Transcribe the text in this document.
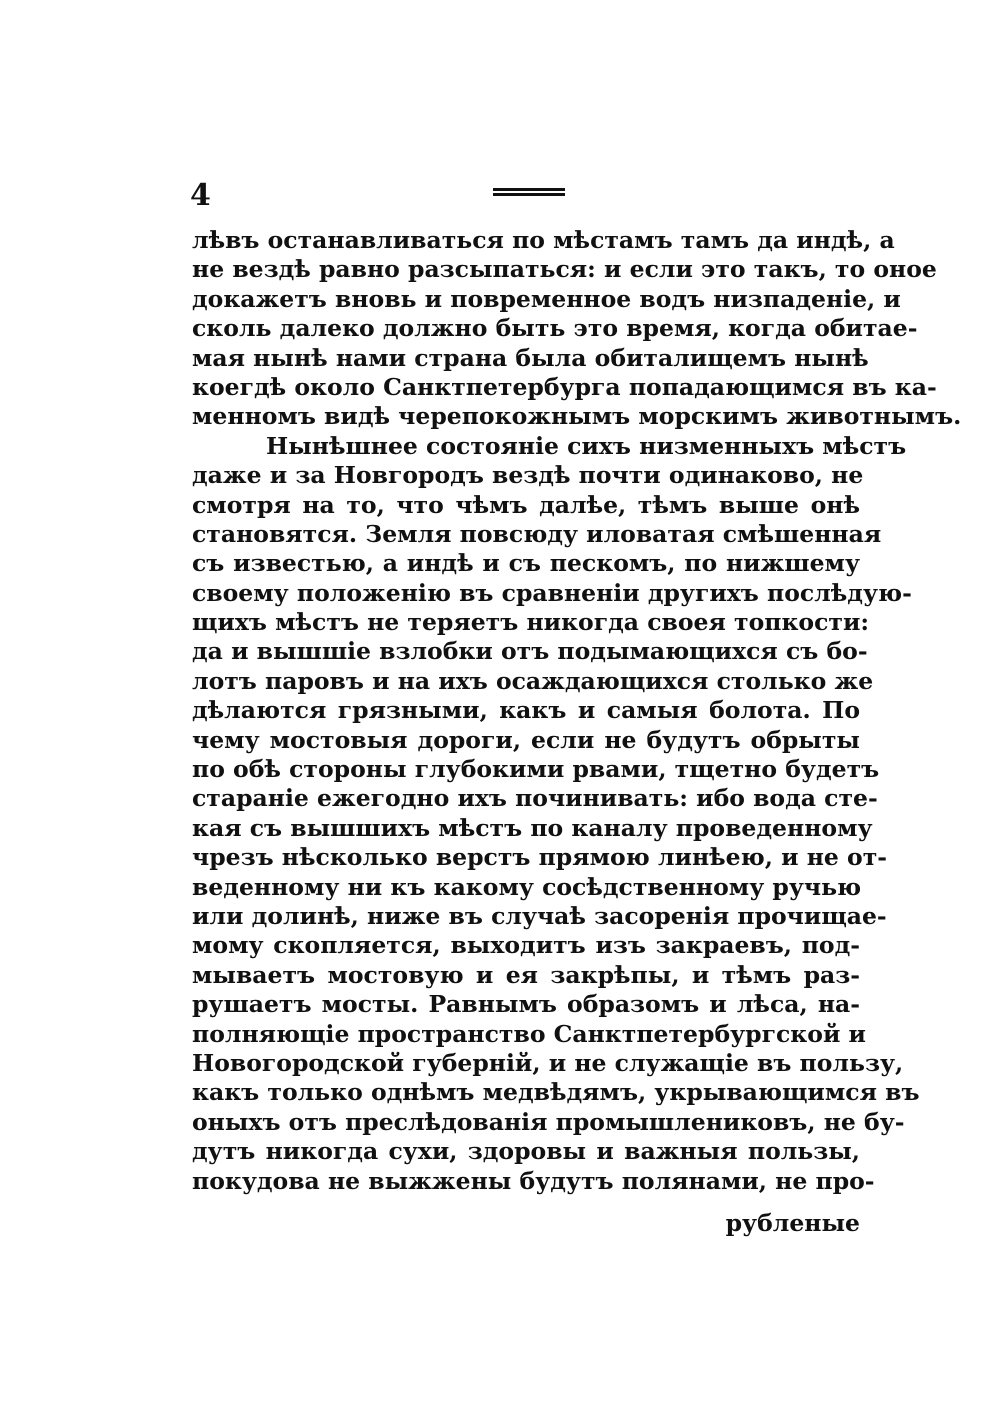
4
лѣвъ останавливаться по мѣстамъ тамъ да индѣ, а
не вездѣ равно разсыпаться: и если это такъ, то оное
докажетъ вновь и повременное водъ низпаденіе, и
сколь далеко должно быть это время, когда обитае-
мая нынѣ нами страна была обиталищемъ нынѣ
коегдѣ около Санктпетербурга попадающимся въ ка-
менномъ видѣ черепокожнымъ морскимъ животнымъ.
Нынѣшнее состояніе сихъ низменныхъ мѣстъ
даже и за Новгородъ вездѣ почти одинаково, не
смотря на то, что чѣмъ далѣе, тѣмъ выше онѣ
становятся. Земля повсюду иловатая смѣшенная
съ известью, а индѣ и съ пескомъ, по нижшему
своему положенію въ сравненіи другихъ послѣдую-
щихъ мѣстъ не теряетъ никогда своея топкости:
да и вышшіе взлобки отъ подымающихся съ бо-
лотъ паровъ и на ихъ осаждающихся столько же
дѣлаются грязными, какъ и самыя болота. По
чему мостовыя дороги, если не будутъ обрыты
по обѣ стороны глубокими рвами, тщетно будетъ
стараніе ежегодно ихъ починивать: ибо вода сте-
кая съ вышшихъ мѣстъ по каналу проведенному
чрезъ нѣсколько верстъ прямою линѣею, и не от-
веденному ни къ какому сосѣдственному ручью
или долинѣ, ниже въ случаѣ засоренія прочищае-
мому скопляется, выходитъ изъ закраевъ, под-
мываетъ мостовую и ея закрѣпы, и тѣмъ раз-
рушаетъ мосты. Равнымъ образомъ и лѣса, на-
полняющіе пространство Санктпетербургской и
Новогородской губерній, и не служащіе въ пользу,
какъ только однѣмъ медвѣдямъ, укрывающимся въ
оныхъ отъ преслѣдованія промышлениковъ, не бу-
дутъ никогда сухи, здоровы и важныя пользы,
покудова не выжжены будутъ полянами, не про-
рубленые
